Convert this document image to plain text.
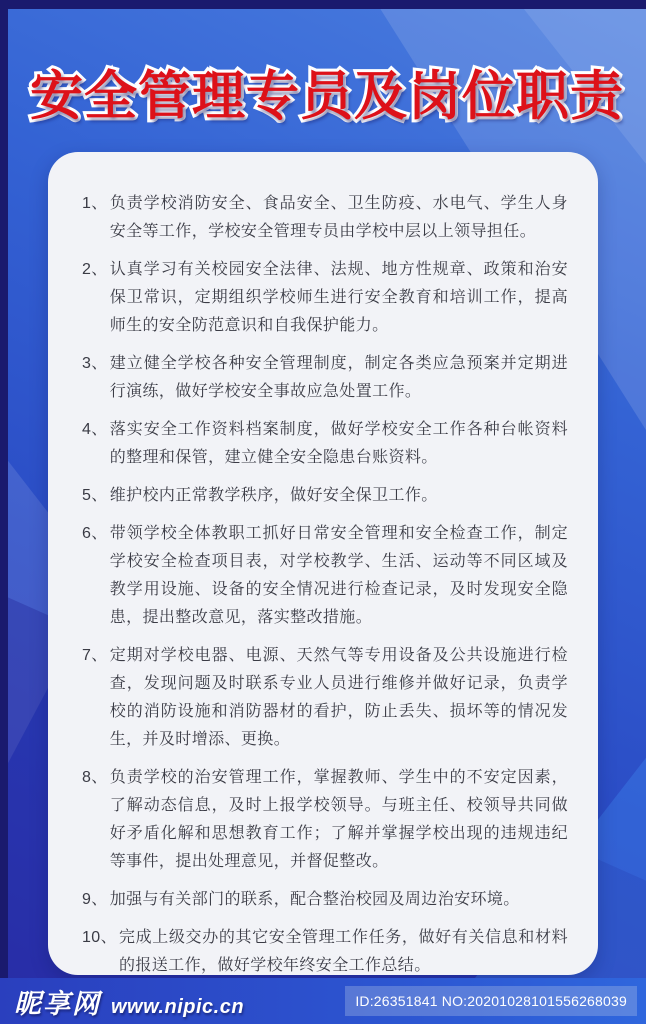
安全管理专员及岗位职责
1、 负责学校消防安全、食品安全、卫生防疫、水电气、学生人身安全等工作，学校安全管理专员由学校中层以上领导担任。
2、 认真学习有关校园安全法律、法规、地方性规章、政策和治安保卫常识，定期组织学校师生进行安全教育和培训工作，提高师生的安全防范意识和自我保护能力。
3、 建立健全学校各种安全管理制度，制定各类应急预案并定期进行演练，做好学校安全事故应急处置工作。
4、 落实安全工作资料档案制度，做好学校安全工作各种台帐资料的整理和保管，建立健全安全隐患台账资料。
5、 维护校内正常教学秩序，做好安全保卫工作。
6、 带领学校全体教职工抓好日常安全管理和安全检查工作，制定学校安全检查项目表，对学校教学、生活、运动等不同区域及教学用设施、设备的安全情况进行检查记录，及时发现安全隐患，提出整改意见，落实整改措施。
7、 定期对学校电器、电源、天然气等专用设备及公共设施进行检查，发现问题及时联系专业人员进行维修并做好记录，负责学校的消防设施和消防器材的看护，防止丢失、损坏等的情况发生，并及时增添、更换。
8、 负责学校的治安管理工作，掌握教师、学生中的不安定因素，了解动态信息，及时上报学校领导。与班主任、校领导共同做好矛盾化解和思想教育工作；了解并掌握学校出现的违规违纪等事件，提出处理意见，并督促整改。
9、 加强与有关部门的联系，配合整治校园及周边治安环境。
10、 完成上级交办的其它安全管理工作任务，做好有关信息和材料的报送工作，做好学校年终安全工作总结。
昵享网 www.nipic.cn	ID:26351841 NO:20201028101556268039
